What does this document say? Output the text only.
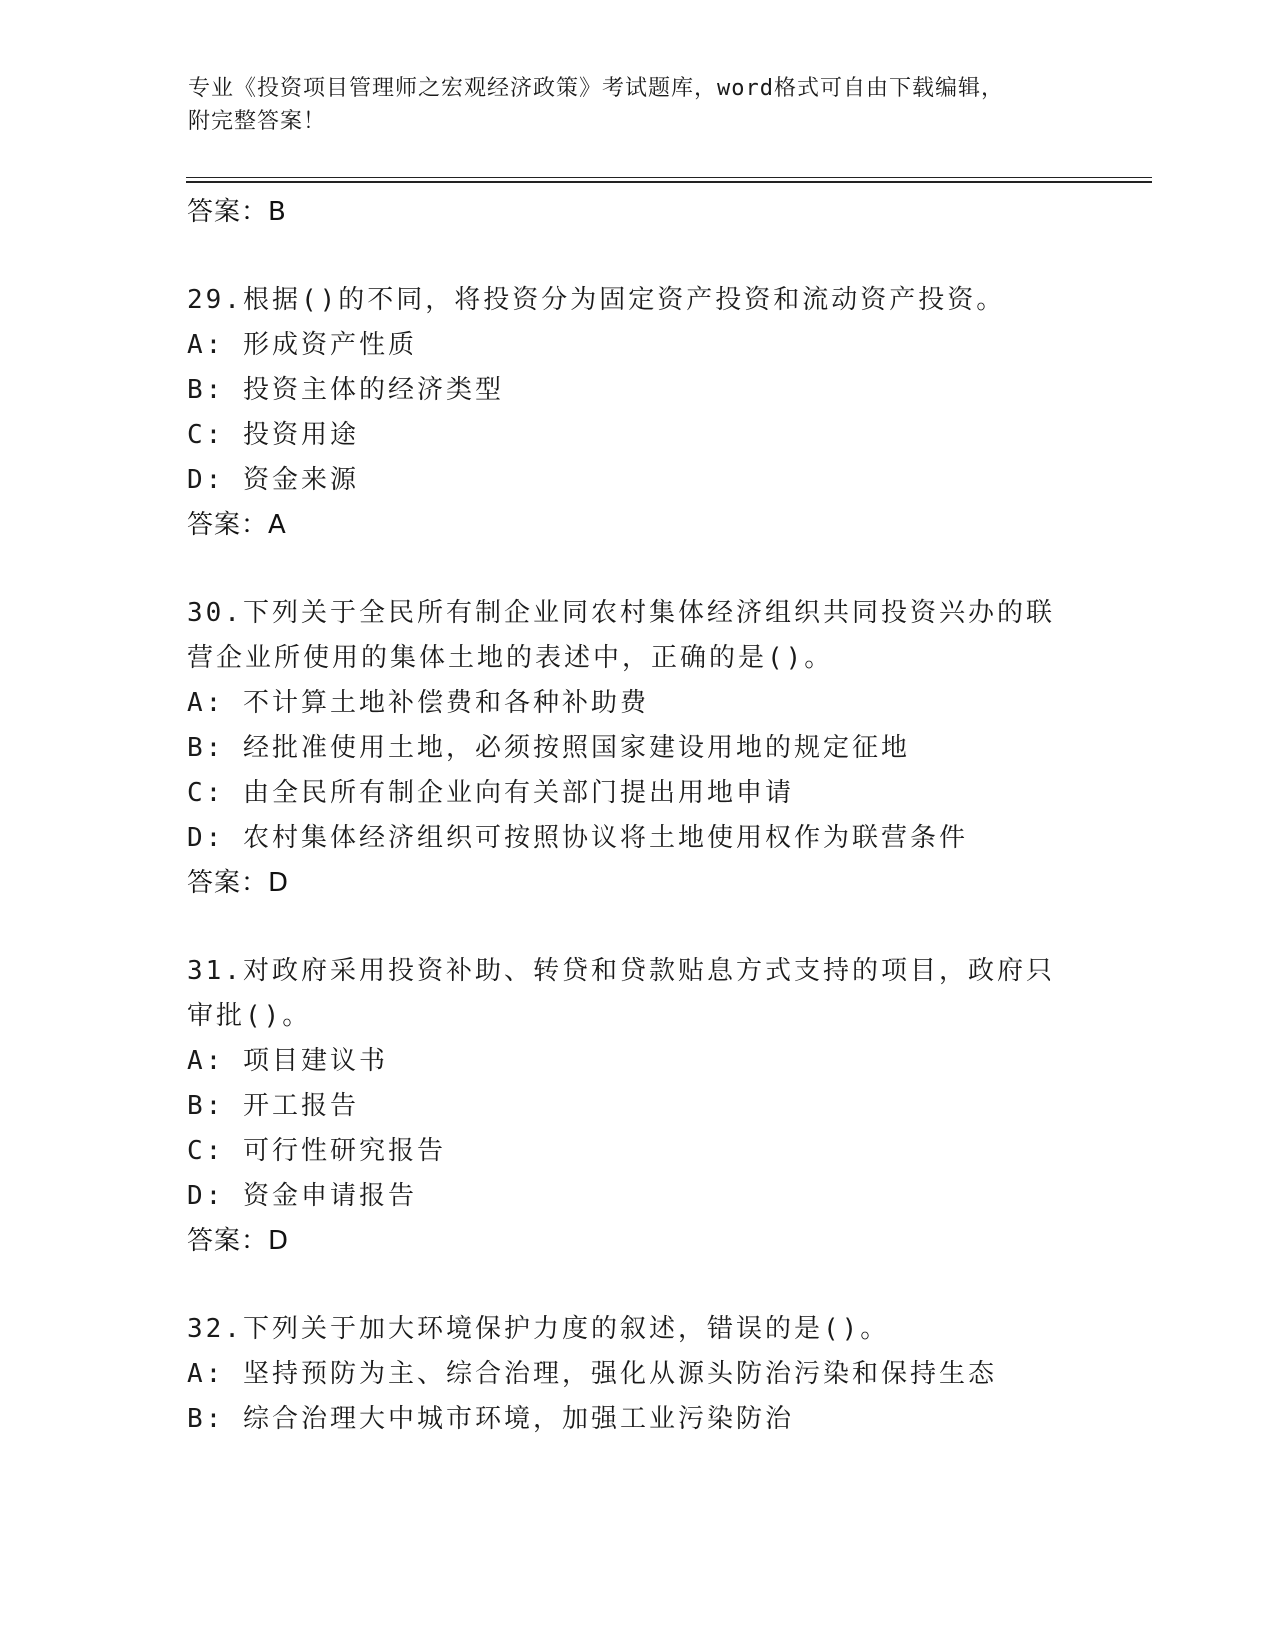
专业《投资项目管理师之宏观经济政策》考试题库，word格式可自由下载编辑，
附完整答案！
答案：B
29.根据()的不同，将投资分为固定资产投资和流动资产投资。
A: 形成资产性质
B: 投资主体的经济类型
C: 投资用途
D: 资金来源
答案：A
30.下列关于全民所有制企业同农村集体经济组织共同投资兴办的联营企业所使用的集体土地的表述中，正确的是()。
A: 不计算土地补偿费和各种补助费
B: 经批准使用土地，必须按照国家建设用地的规定征地
C: 由全民所有制企业向有关部门提出用地申请
D: 农村集体经济组织可按照协议将土地使用权作为联营条件
答案：D
31.对政府采用投资补助、转贷和贷款贴息方式支持的项目，政府只审批()。
A: 项目建议书
B: 开工报告
C: 可行性研究报告
D: 资金申请报告
答案：D
32.下列关于加大环境保护力度的叙述，错误的是()。
A: 坚持预防为主、综合治理，强化从源头防治污染和保持生态
B: 综合治理大中城市环境，加强工业污染防治
